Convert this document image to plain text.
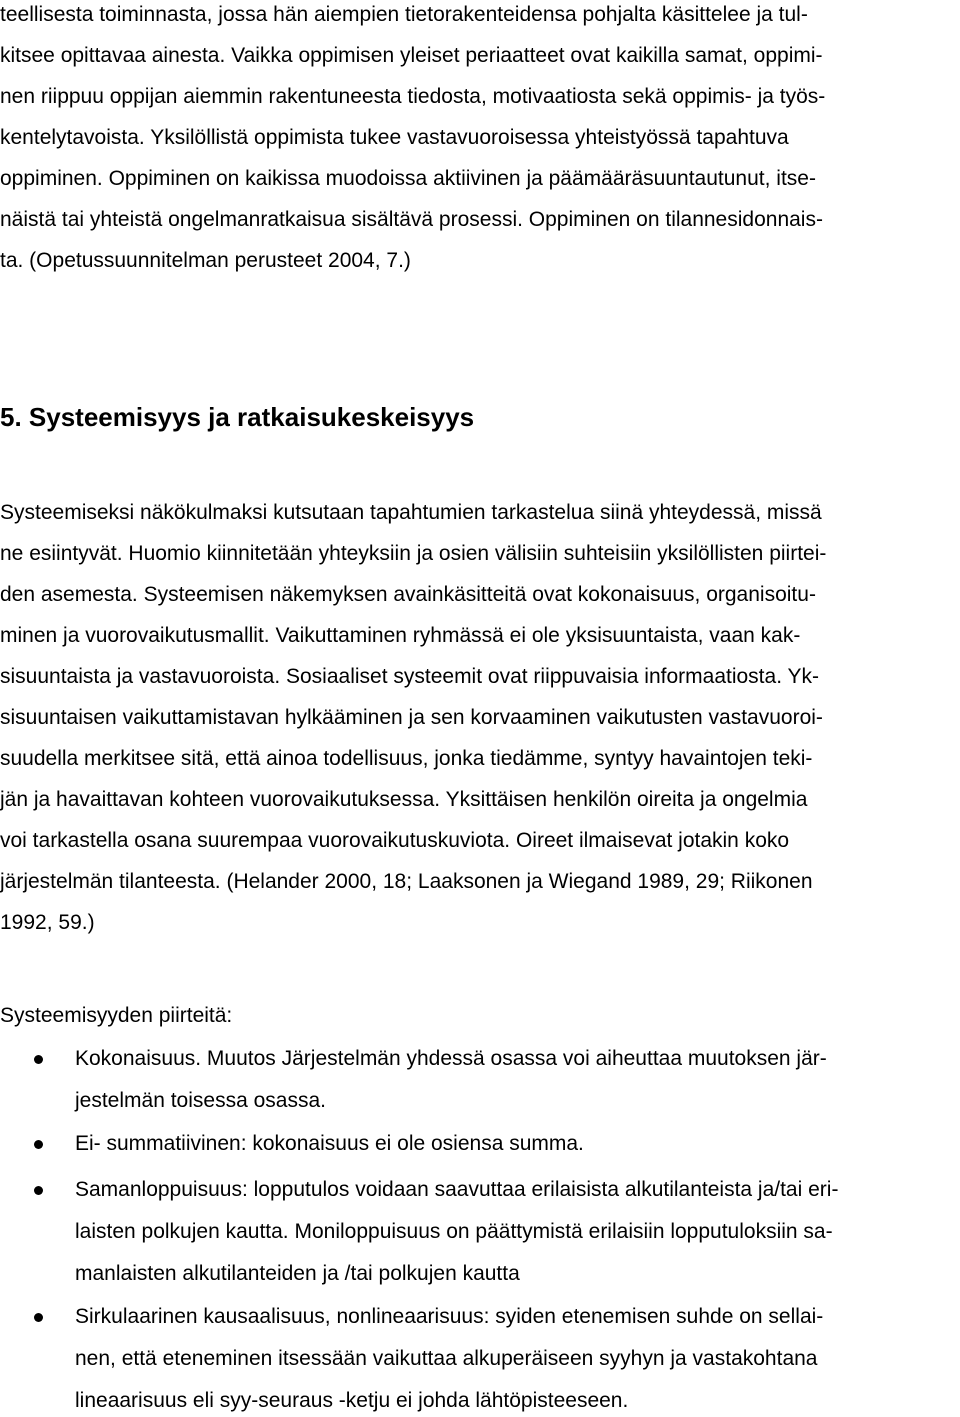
teellisesta toiminnasta, jossa hän aiempien tietorakenteidensa pohjalta käsittelee ja tul-
kitsee opittavaa ainesta. Vaikka oppimisen yleiset periaatteet ovat kaikilla samat, oppimi-
nen riippuu oppijan aiemmin rakentuneesta tiedosta, motivaatiosta sekä oppimis- ja työs-
kentelytavoista. Yksilöllistä oppimista tukee vastavuoroisessa yhteistyössä tapahtuva
oppiminen. Oppiminen on kaikissa muodoissa aktiivinen ja päämääräsuuntautunut, itse-
näistä tai yhteistä ongelmanratkaisua sisältävä prosessi. Oppiminen on tilannesidonnais-
ta. (Opetussuunnitelman perusteet 2004, 7.)
5. Systeemisyys ja ratkaisukeskeisyys
Systeemiseksi näkökulmaksi kutsutaan tapahtumien tarkastelua siinä yhteydessä, missä
ne esiintyvät. Huomio kiinnitetään yhteyksiin ja osien välisiin suhteisiin yksilöllisten piirtei-
den asemesta. Systeemisen näkemyksen avainkäsitteitä ovat kokonaisuus, organisoitu-
minen ja vuorovaikutusmallit. Vaikuttaminen ryhmässä ei ole yksisuuntaista, vaan kak-
sisuuntaista ja vastavuoroista. Sosiaaliset systeemit ovat riippuvaisia informaatiosta. Yk-
sisuuntaisen vaikuttamistavan hylkääminen ja sen korvaaminen vaikutusten vastavuoroi-
suudella merkitsee sitä, että ainoa todellisuus, jonka tiedämme, syntyy havaintojen teki-
jän ja havaittavan kohteen vuorovaikutuksessa. Yksittäisen henkilön oireita ja ongelmia
voi tarkastella osana suurempaa vuorovaikutuskuviota. Oireet ilmaisevat jotakin koko
järjestelmän tilanteesta. (Helander 2000, 18; Laaksonen ja Wiegand 1989, 29; Riikonen
1992, 59.)
Systeemisyyden piirteitä:
Kokonaisuus. Muutos Järjestelmän yhdessä osassa voi aiheuttaa muutoksen jär-
jestelmän toisessa osassa.
Ei- summatiivinen: kokonaisuus ei ole osiensa summa.
Samanloppuisuus: lopputulos voidaan saavuttaa erilaisista alkutilanteista ja/tai eri-
laisten polkujen kautta. Moniloppuisuus on päättymistä erilaisiin lopputuloksiin sa-
manlaisten alkutilanteiden ja /tai polkujen kautta
Sirkulaarinen kausaalisuus, nonlineaarisuus: syiden etenemisen suhde on sellai-
nen, että eteneminen itsessään vaikuttaa alkuperäiseen syyhyn ja vastakohtana
lineaarisuus eli syy-seuraus -ketju ei johda lähtöpisteeseen.
